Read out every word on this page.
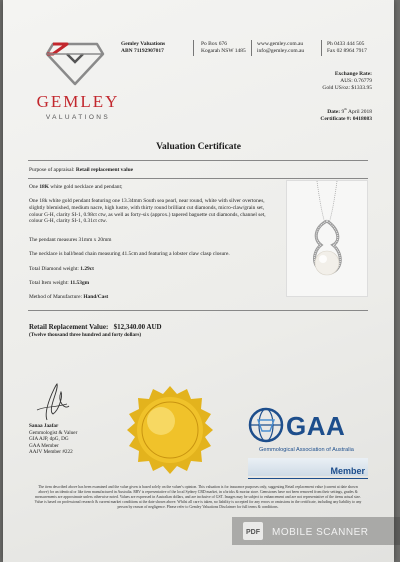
GEMLEY
VALUATIONS
Gemley Valuations
ABN 71192907017
Po Box 676
Kogarah NSW 1485
www.gemley.com.au
info@gemley.com.au
Ph 0433 444 505
Fax 02 8964 7917
Exchange Rate:
AUS: 0.76779
Gold US/oz: $1333.95
Date: 9th April 2018
Certificate #: 0418083
Valuation Certificate
Purpose of appraisal: Retail replacement value
One 18K white gold necklace and pendant;
One 18k white gold pendant featuring one 13.34mm South sea pearl, near round, white with silver overtones, slightly blemished, medium nacre, high lustre, with thirty round brilliant cut diamonds, micro-claw/grain set, colour G-H, clarity SI-1, 0.98ct ctw, as well as forty-six (approx.) tapered baguette cut diamonds, channel set, colour G-H, clarity SI-1, 0.31ct ctw.
The pendant measures 31mm x 20mm
The necklace is ball/bead chain measuring 41.5cm and featuring a lobster claw clasp closure.
Total Diamond weight: 1.29ct
Total Item weight: 11.53gm
Method of Manufacture: Hand/Cast
Retail Replacement Value: $12,340.00 AUD
(Twelve thousand three hundred and forty dollars)
Sanaa Jaafar
Gemmologist & Valuer
GIA AJP, dpG, DG
GAA Member
AAJV Member #222
GAA
Gemmological Association of Australia
Member
The item described above has been examined and the value given is based solely on the valuer's opinion. This valuation is for insurance purposes only, suggesting Retail replacement value (current at date shown above) for an identical or like item manufactured in Australia. RRV is representative of the local Sydney CBD market, in a bricks & mortar store. Gemstones have not been removed from their settings, grades & measurements are approximate unless otherwise noted. Values are expressed in Australian dollars, and are inclusive of GST. Images may be subject to enhancement and are not representative of the items actual size. Value is based on professional research & current market conditions at the date shown above. Whilst all care is taken, no liability is accepted for any errors or omissions in the certificate, including any liability to any person by reason of negligence. Please refer to Gemley Valuations Disclaimer for full terms & conditions.
PDF MOBILE SCANNER
